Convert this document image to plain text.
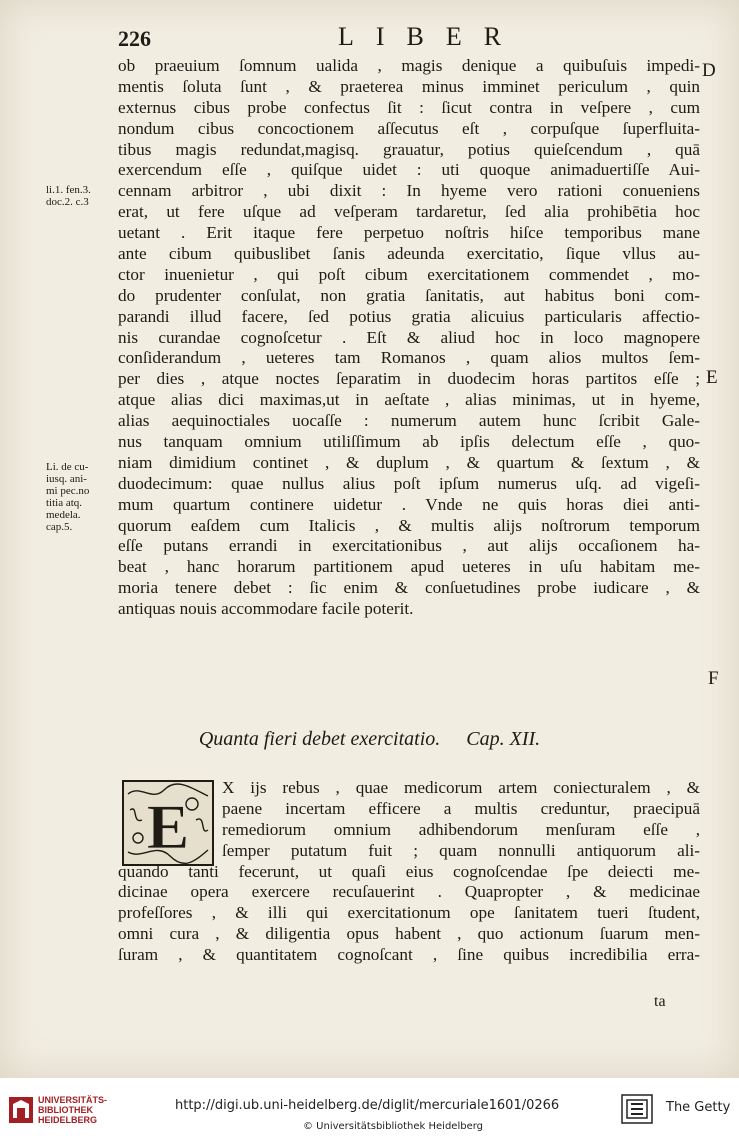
226	LIBER
ob praeuium ſomnum ualida , magis denique a quibuſuis impedi-
mentis ſoluta ſunt , & praeterea minus imminet periculum , quin
externus cibus probe confectus ſit : ſicut contra in veſpere , cum
nondum cibus concoctionem aſſecutus eſt , corpuſque ſuperfluita-
tibus magis redundat,magisq. grauatur, potius quieſcendum , quā
exercendum eſſe , quiſque uidet : uti quoque animaduertiſſe Aui-
cennam arbitror , ubi dixit : In hyeme vero rationi conueniens
erat, ut fere uſque ad veſperam tardaretur, ſed alia prohibētia hoc
uetant . Erit itaque fere perpetuo noſtris hiſce temporibus mane
ante cibum quibuslibet ſanis adeunda exercitatio, ſique vllus au-
ctor inuenietur , qui poſt cibum exercitationem commendet , mo-
do prudenter conſulat, non gratia ſanitatis, aut habitus boni com-
parandi illud facere, ſed potius gratia alicuius particularis affectio-
nis curandae cognoſcetur . Eſt & aliud hoc in loco magnopere
conſiderandum , ueteres tam Romanos , quam alios multos ſem-
per dies , atque noctes ſeparatim in duodecim horas partitos eſſe ;
atque alias dici maximas,ut in aeſtate , alias minimas, ut in hyeme,
alias aequinoctiales uocaſſe : numerum autem hunc ſcribit Gale-
nus tanquam omnium utiliſſimum ab ipſis delectum eſſe , quo-
niam dimidium continet , & duplum , & quartum & ſextum , &
duodecimum: quae nullus alius poſt ipſum numerus uſq. ad vigeſi-
mum quartum continere uidetur . Vnde ne quis horas diei anti-
quorum eaſdem cum Italicis , & multis alijs noſtrorum temporum
eſſe putans errandi in exercitationibus , aut alijs occaſionem ha-
beat , hanc horarum partitionem apud ueteres in uſu habitam me-
moria tenere debet : ſic enim & conſuetudines probe iudicare , &
antiquas nouis accommodare facile poterit.
li.1. fen.3.
doc.2. c.3
Li. de cu-
iusq. ani-
mi pec.no
titia atq.
medela.
cap.5.
D
E
F
Quanta fieri debet exercitatio. Cap. XII.
E
X ijs rebus , quae medicorum artem coniecturalem , &
paene incertam efficere a multis creduntur, praecipuā
remediorum omnium adhibendorum menſuram eſſe ,
ſemper putatum fuit ; quam nonnulli antiquorum ali-
quando tanti fecerunt, ut quaſi eius cognoſcendae ſpe deiecti me-
dicinae opera exercere recuſauerint . Quapropter , & medicinae
profeſſores , & illi qui exercitationum ope ſanitatem tueri ſtudent,
omni cura , & diligentia opus habent , quo actionum ſuarum men-
ſuram , & quantitatem cognoſcant , ſine quibus incredibilia erra-
ta
UNIVERSITÄTS-
BIBLIOTHEK
HEIDELBERG
http://digi.ub.uni-heidelberg.de/diglit/mercuriale1601/0266
© Universitätsbibliothek Heidelberg
The Getty
